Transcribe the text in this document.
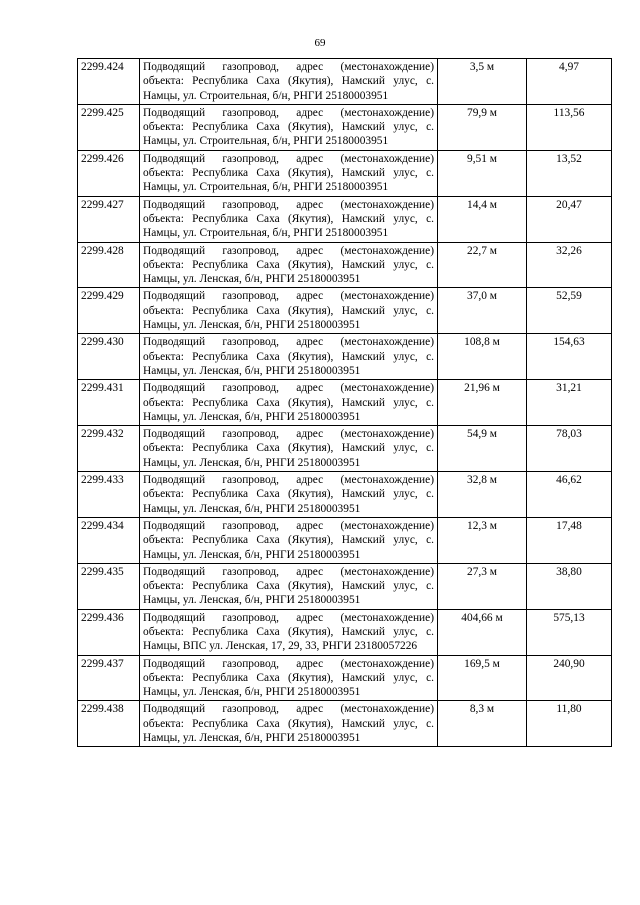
69
2299.424	Подводящий газопровод, адрес (местонахождение) объекта: Республика Саха (Якутия), Намский улус, с. Намцы, ул. Строительная, б/н, РНГИ 25180003951	3,5 м	4,97
2299.425	Подводящий газопровод, адрес (местонахождение) объекта: Республика Саха (Якутия), Намский улус, с. Намцы, ул. Строительная, б/н, РНГИ 25180003951	79,9 м	113,56
2299.426	Подводящий газопровод, адрес (местонахождение) объекта: Республика Саха (Якутия), Намский улус, с. Намцы, ул. Строительная, б/н, РНГИ 25180003951	9,51 м	13,52
2299.427	Подводящий газопровод, адрес (местонахождение) объекта: Республика Саха (Якутия), Намский улус, с. Намцы, ул. Строительная, б/н, РНГИ 25180003951	14,4 м	20,47
2299.428	Подводящий газопровод, адрес (местонахождение) объекта: Республика Саха (Якутия), Намский улус, с. Намцы, ул. Ленская, б/н, РНГИ 25180003951	22,7 м	32,26
2299.429	Подводящий газопровод, адрес (местонахождение) объекта: Республика Саха (Якутия), Намский улус, с. Намцы, ул. Ленская, б/н, РНГИ 25180003951	37,0 м	52,59
2299.430	Подводящий газопровод, адрес (местонахождение) объекта: Республика Саха (Якутия), Намский улус, с. Намцы, ул. Ленская, б/н, РНГИ 25180003951	108,8 м	154,63
2299.431	Подводящий газопровод, адрес (местонахождение) объекта: Республика Саха (Якутия), Намский улус, с. Намцы, ул. Ленская, б/н, РНГИ 25180003951	21,96 м	31,21
2299.432	Подводящий газопровод, адрес (местонахождение) объекта: Республика Саха (Якутия), Намский улус, с. Намцы, ул. Ленская, б/н, РНГИ 25180003951	54,9 м	78,03
2299.433	Подводящий газопровод, адрес (местонахождение) объекта: Республика Саха (Якутия), Намский улус, с. Намцы, ул. Ленская, б/н, РНГИ 25180003951	32,8 м	46,62
2299.434	Подводящий газопровод, адрес (местонахождение) объекта: Республика Саха (Якутия), Намский улус, с. Намцы, ул. Ленская, б/н, РНГИ 25180003951	12,3 м	17,48
2299.435	Подводящий газопровод, адрес (местонахождение) объекта: Республика Саха (Якутия), Намский улус, с. Намцы, ул. Ленская, б/н, РНГИ 25180003951	27,3 м	38,80
2299.436	Подводящий газопровод, адрес (местонахождение) объекта: Республика Саха (Якутия), Намский улус, с. Намцы, ВПС ул. Ленская, 17, 29, 33, РНГИ 23180057226	404,66 м	575,13
2299.437	Подводящий газопровод, адрес (местонахождение) объекта: Республика Саха (Якутия), Намский улус, с. Намцы, ул. Ленская, б/н, РНГИ 25180003951	169,5 м	240,90
2299.438	Подводящий газопровод, адрес (местонахождение) объекта: Республика Саха (Якутия), Намский улус, с. Намцы, ул. Ленская, б/н, РНГИ 25180003951	8,3 м	11,80
